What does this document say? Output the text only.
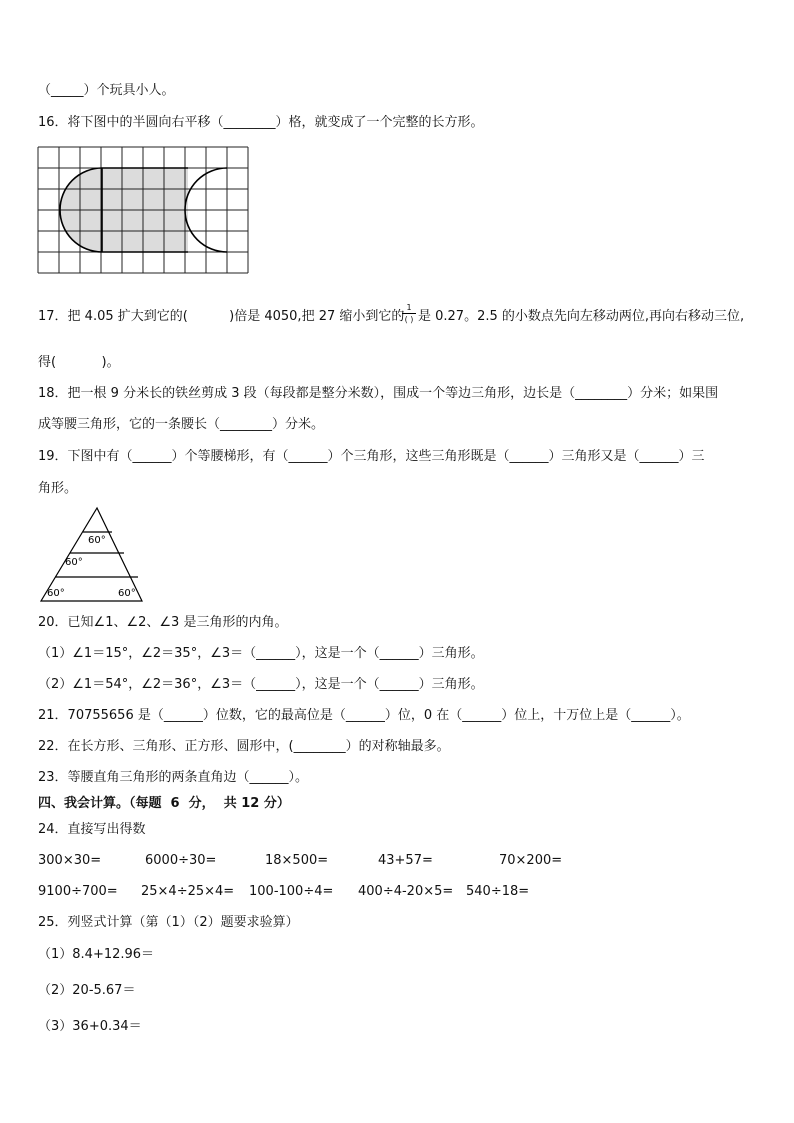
（_____）个玩具小人。
16．将下图中的半圆向右平移（________）格，就变成了一个完整的长方形。
17．把 4.05 扩大到它的(          )倍是 4050,把 27 缩小到它的
1
( ) 是 0.27。2.5 的小数点先向左移动两位,再向右移动三位,
得(           )。
18．把一根 9 分米长的铁丝剪成 3 段（每段都是整分米数），围成一个等边三角形，边长是（________）分米；如果围
成等腰三角形，它的一条腰长（________）分米。
19．下图中有（______）个等腰梯形，有（______）个三角形，这些三角形既是（______）三角形又是（______）三
角形。
60°
60°
60°	60°
20．已知∠1、∠2、∠3 是三角形的内角。
（1）∠1＝15°，∠2＝35°，∠3＝（______），这是一个（______）三角形。
（2）∠1＝54°，∠2＝36°，∠3＝（______），这是一个（______）三角形。
21．70755656 是（______）位数，它的最高位是（______）位，0 在（______）位上，十万位上是（______）。
22．在长方形、三角形、正方形、圆形中，(________）的对称轴最多。
23．等腰直角三角形的两条直角边（______）。
四、我会计算。（每题  6  分，  共 12 分）
24．直接写出得数
300×30=	6000÷30=	18×500=	43+57=	70×200=
9100÷700= 25×4÷25×4= 100-100÷4= 400÷4-20×5= 540÷18=
25．列竖式计算（第（1）（2）题要求验算）
（1）8.4+12.96＝
（2）20-5.67＝
（3）36+0.34＝
